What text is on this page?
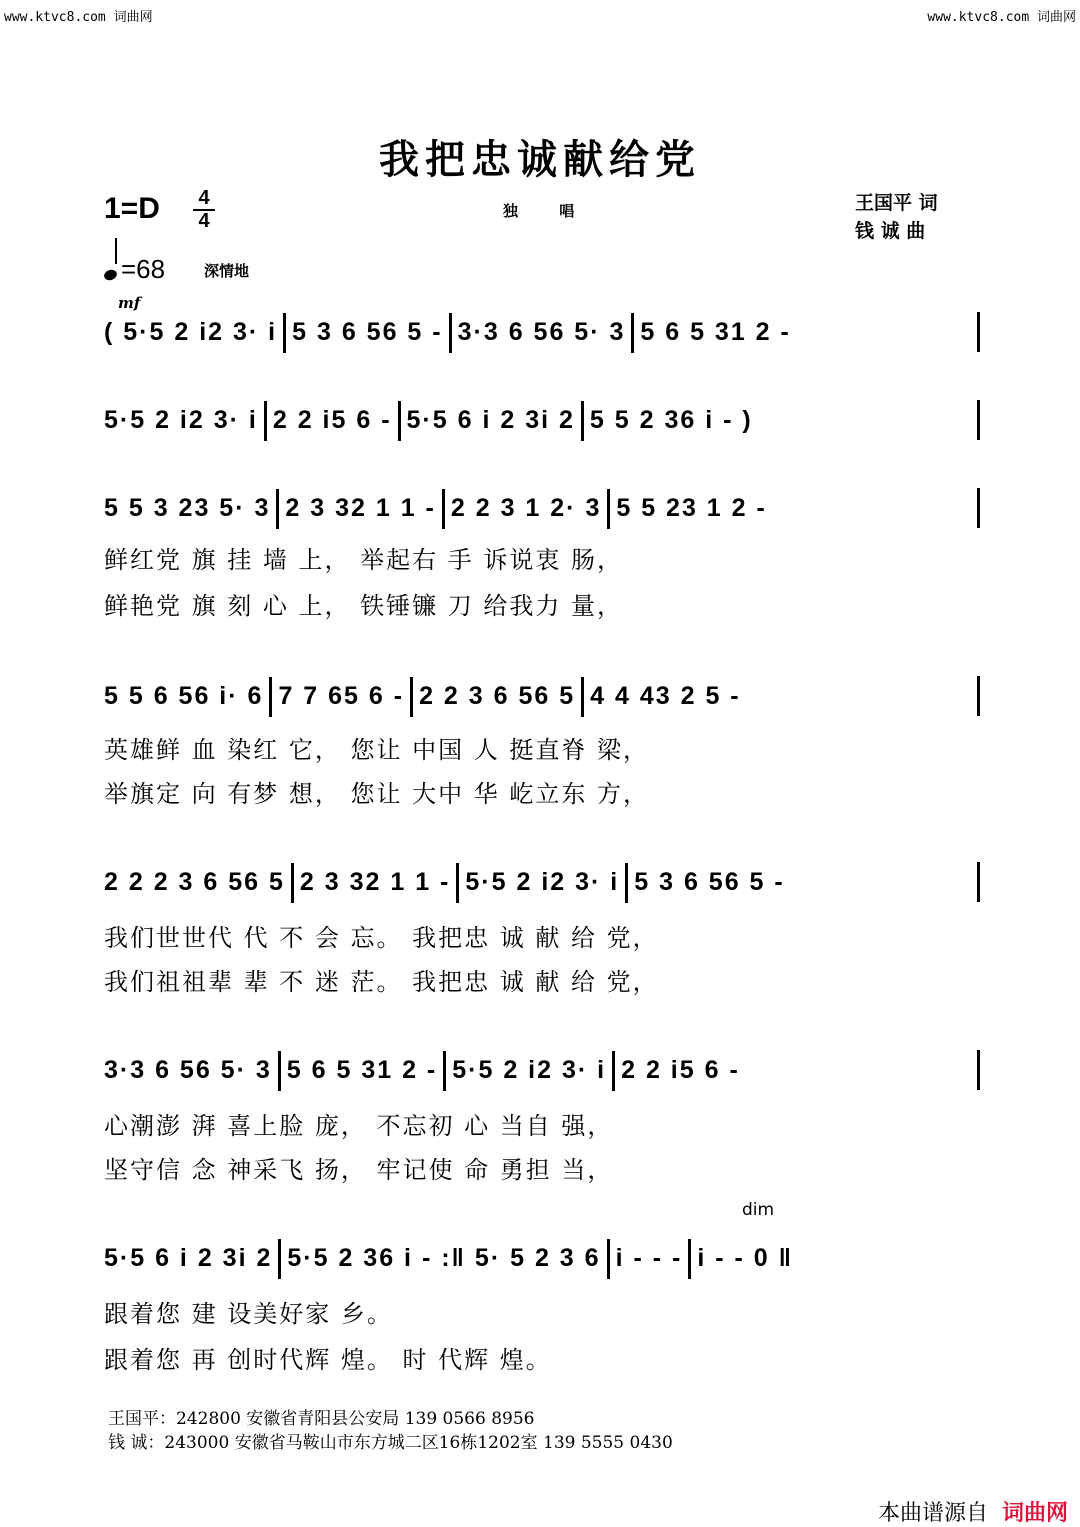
www.ktvc8.com 词曲网	www.ktvc8.com 词曲网
我把忠诚献给党
1=D 4
4	独 唱	王国平 词
钱 诚 曲
=68	深情地
mf
( 5·5 2 i2 3· i 5 3 6 56 5 - 3·3 6 56 5· 3 5 6 5 31 2 -
5·5 2 i2 3· i 2 2 i5 6 - 5·5 6 i 2 3i 2 5 5 2 36 i - )
5 5 3 23 5· 3 2 3 32 1 1 - 2 2 3 1 2· 3 5 5 23 1 2 -
鲜红党 旗 挂 墙 上， 举起右 手 诉说衷 肠，
鲜艳党 旗 刻 心 上， 铁锤镰 刀 给我力 量，
5 5 6 56 i· 6 7 7 65 6 - 2 2 3 6 56 5 4 4 43 2 5 -
英雄鲜 血 染红 它， 您让 中国 人 挺直脊 梁，
举旗定 向 有梦 想， 您让 大中 华 屹立东 方，
2 2 2 3 6 56 5 2 3 32 1 1 - 5·5 2 i2 3· i 5 3 6 56 5 -
我们世世代 代 不 会 忘。 我把忠 诚 献 给 党，
我们祖祖辈 辈 不 迷 茫。 我把忠 诚 献 给 党，
3·3 6 56 5· 3 5 6 5 31 2 - 5·5 2 i2 3· i 2 2 i5 6 -
心潮澎 湃 喜上脸 庞， 不忘初 心 当自 强，
坚守信 念 神采飞 扬， 牢记使 命 勇担 当，
dim
5·5 6 i 2 3i 2 5·5 2 36 i - :‖ 5· 5 2 3 6 i - - - i - - 0 ‖
跟着您 建 设美好家 乡。
跟着您 再 创时代辉 煌。 时 代辉 煌。
王国平：242800 安徽省青阳县公安局 139 0566 8956
钱 诚：243000 安徽省马鞍山市东方城二区16栋1202室 139 5555 0430
本曲谱源自 词曲网
